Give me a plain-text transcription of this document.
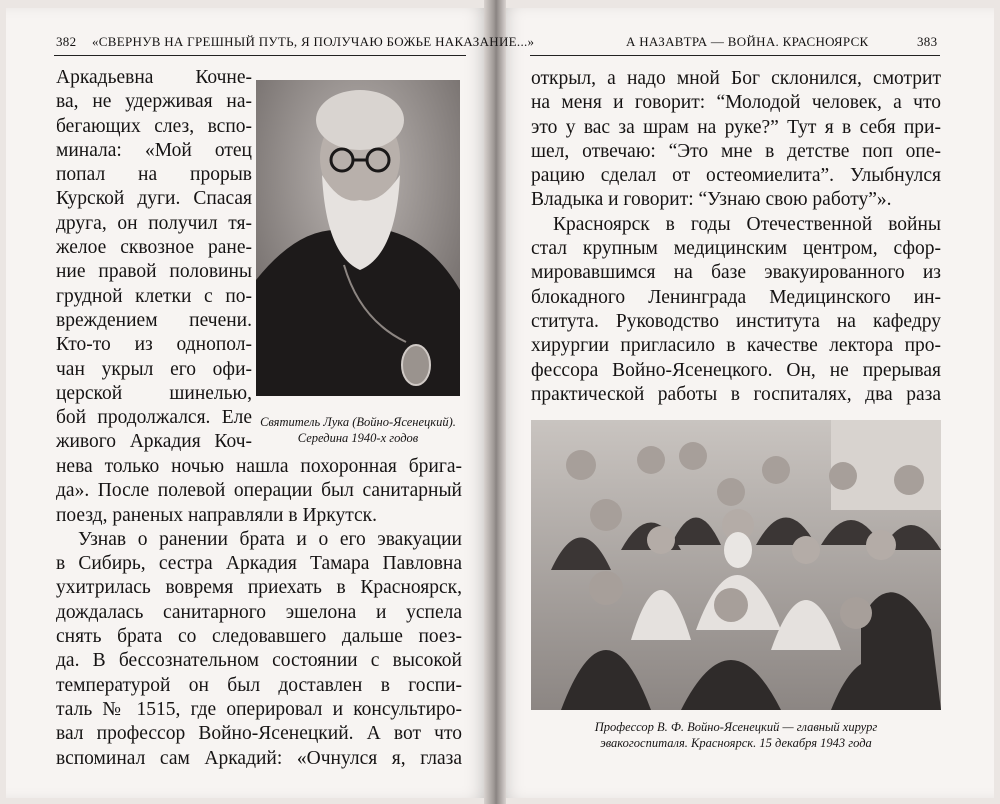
382 «СВЕРНУВ НА ГРЕШНЫЙ ПУТЬ, Я ПОЛУЧАЮ БОЖЬЕ НАКАЗАНИЕ...»
Аркадьевна Кочне-
ва, не удерживая на-
бегающих слез, вспо-
минала: «Мой отец
попал на прорыв
Курской дуги. Спасая
друга, он получил тя-
желое сквозное ране-
ние правой половины
грудной клетки с по-
вреждением печени.
Кто-то из однопол-
чан укрыл его офи-
церской шинелью,
бой продолжался. Еле
живого Аркадия Коч-
нева только ночью нашла похоронная брига-
да». После полевой операции был санитарный
поезд, раненых направляли в Иркутск.
Узнав о ранении брата и о его эвакуации
в Сибирь, сестра Аркадия Тамара Павловна
ухитрилась вовремя приехать в Красноярск,
дождалась санитарного эшелона и успела
снять брата со следовавшего дальше поез-
да. В бессознательном состоянии с высокой
температурой он был доставлен в госпи-
таль № 1515, где оперировал и консультиро-
вал профессор Войно-Ясенецкий. А вот что
вспоминал сам Аркадий: «Очнулся я, глаза
Святитель Лука (Войно-Ясенецкий).
Середина 1940-х годов
А НАЗАВТРА — ВОЙНА. КРАСНОЯРСК	383
открыл, а надо мной Бог склонился, смотрит
на меня и говорит: “Молодой человек, а что
это у вас за шрам на руке?” Тут я в себя при-
шел, отвечаю: “Это мне в детстве поп опе-
рацию сделал от остеомиелита”. Улыбнулся
Владыка и говорит: “Узнаю свою работу”».
Красноярск в годы Отечественной войны
стал крупным медицинским центром, сфор-
мировавшимся на базе эвакуированного из
блокадного Ленинграда Медицинского ин-
ститута. Руководство института на кафедру
хирургии пригласило в качестве лектора про-
фессора Войно-Ясенецкого. Он, не прерывая
практической работы в госпиталях, два раза
Профессор В. Ф. Войно-Ясенецкий — главный хирург
эвакогоспиталя. Красноярск. 15 декабря 1943 года
